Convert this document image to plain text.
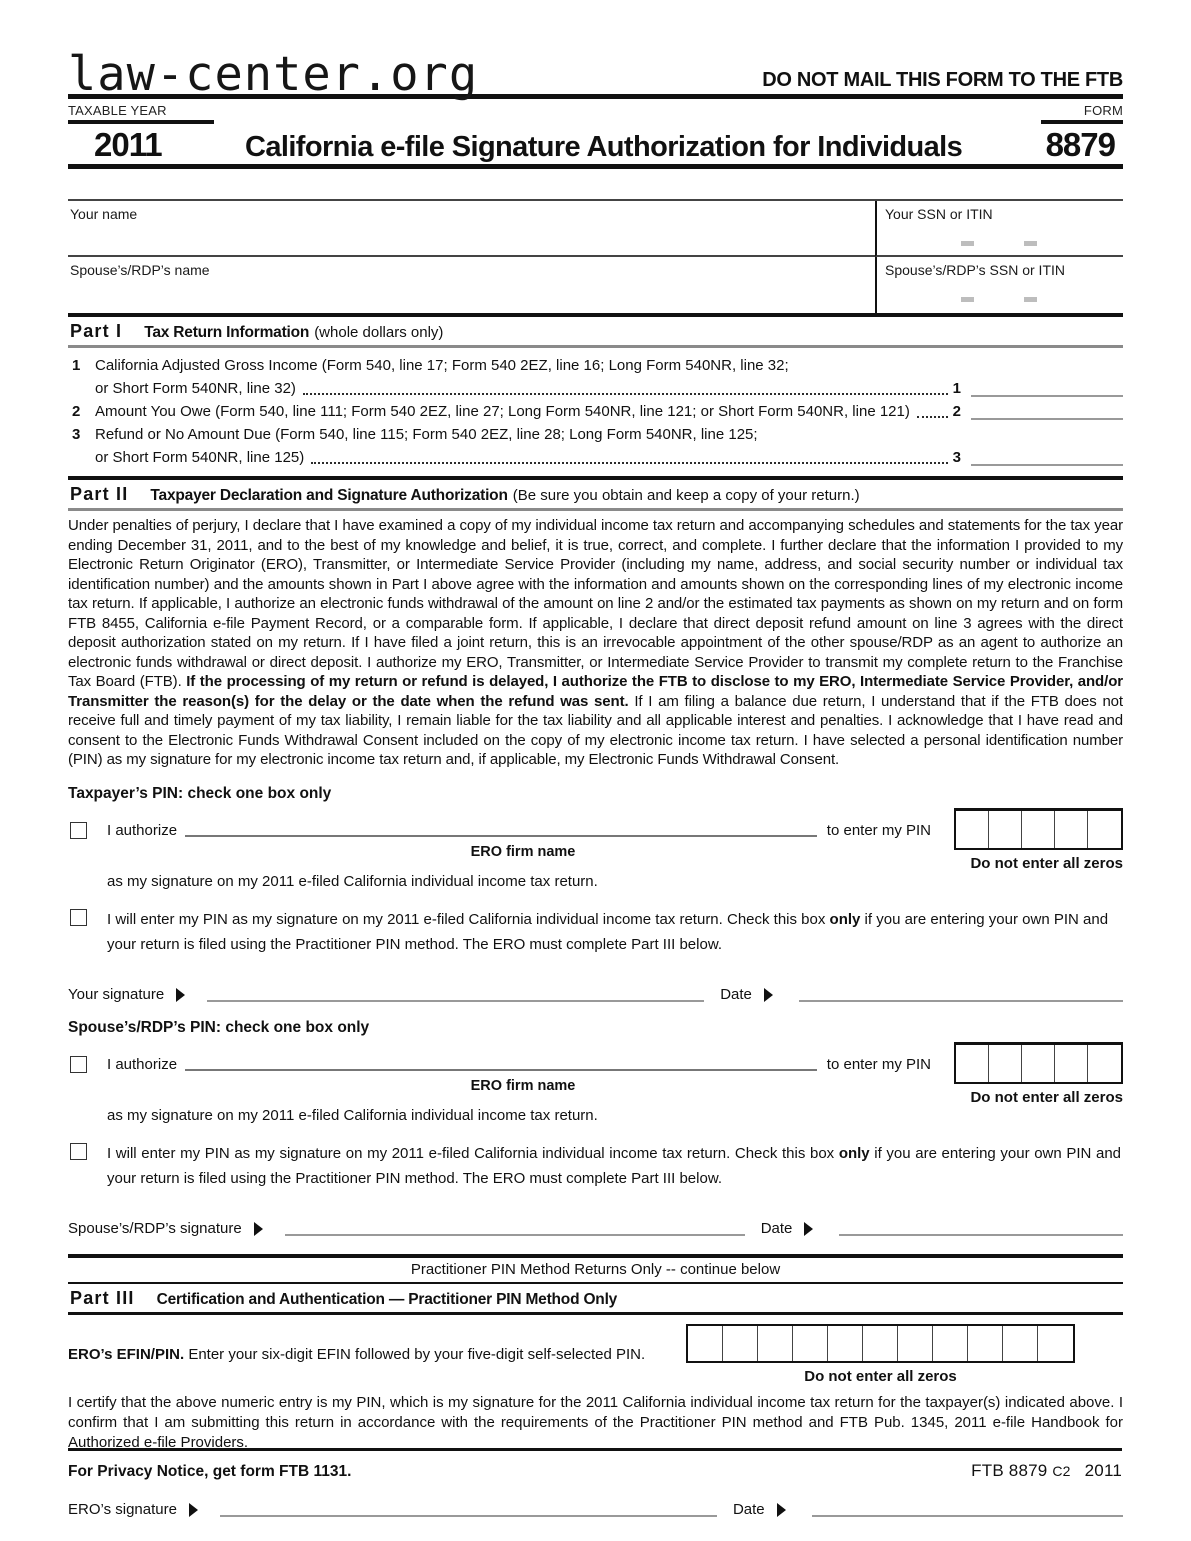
law-center.org	DO NOT MAIL THIS FORM TO THE FTB
TAXABLE YEAR	FORM
2011	California e-file Signature Authorization for Individuals	8879
Your name	Your SSN or ITIN
Spouse’s/RDP’s name	Spouse’s/RDP’s SSN or ITIN
Part I Tax Return Information (whole dollars only)
1 California Adjusted Gross Income (Form 540, line 17; Form 540 2EZ, line 16; Long Form 540NR, line 32;
or Short Form 540NR, line 32)	1
2 Amount You Owe (Form 540, line 111; Form 540 2EZ, line 27; Long Form 540NR, line 121; or Short Form 540NR, line 121)	2
3 Refund or No Amount Due (Form 540, line 115; Form 540 2EZ, line 28; Long Form 540NR, line 125;
or Short Form 540NR, line 125)	3
Part II Taxpayer Declaration and Signature Authorization (Be sure you obtain and keep a copy of your return.)

Under penalties of perjury, I declare that I have examined a copy of my individual income tax return and accompanying schedules and statements for the tax year ending December 31, 2011, and to the best of my knowledge and belief, it is true, correct, and complete. I further declare that the information I provided to my Electronic Return Originator (ERO), Transmitter, or Intermediate Service Provider (including my name, address, and social security number or individual tax identification number) and the amounts shown in Part I above agree with the information and amounts shown on the corresponding lines of my electronic income tax return. If applicable, I authorize an electronic funds withdrawal of the amount on line 2 and/or the estimated tax payments as shown on my return and on form FTB 8455, California e-file Payment Record, or a comparable form. If applicable, I declare that direct deposit refund amount on line 3 agrees with the direct deposit authorization stated on my return. If I have filed a joint return, this is an irrevocable appointment of the other spouse/RDP as an agent to authorize an electronic funds withdrawal or direct deposit. I authorize my ERO, Transmitter, or Intermediate Service Provider to transmit my complete return to the Franchise Tax Board (FTB). If the processing of my return or refund is delayed, I authorize the FTB to disclose to my ERO, Intermediate Service Provider, and/or Transmitter the reason(s) for the delay or the date when the refund was sent. If I am filing a balance due return, I understand that if the FTB does not receive full and timely payment of my tax liability, I remain liable for the tax liability and all applicable interest and penalties. I acknowledge that I have read and consent to the Electronic Funds Withdrawal Consent included on the copy of my electronic income tax return. I have selected a personal identification number (PIN) as my signature for my electronic income tax return and, if applicable, my Electronic Funds Withdrawal Consent.

Taxpayer’s PIN: check one box only
I authorize	to enter my PIN
ERO firm name
as my signature on my 2011 e-filed California individual income tax return.
Do not enter all zeros
I will enter my PIN as my signature on my 2011 e-filed California individual income tax return. Check this box only if you are entering your own PIN and your return is filed using the Practitioner PIN method. The ERO must complete Part III below.
Your signature	Date
Spouse’s/RDP’s PIN: check one box only
I authorize	to enter my PIN
ERO firm name
as my signature on my 2011 e-filed California individual income tax return.
Do not enter all zeros
I will enter my PIN as my signature on my 2011 e-filed California individual income tax return. Check this box only if you are entering your own PIN and your return is filed using the Practitioner PIN method. The ERO must complete Part III below.
Spouse’s/RDP’s signature	Date
Practitioner PIN Method Returns Only -- continue below
Part III Certification and Authentication — Practitioner PIN Method Only
ERO’s EFIN/PIN. Enter your six-digit EFIN followed by your five-digit self-selected PIN.
Do not enter all zeros

I certify that the above numeric entry is my PIN, which is my signature for the 2011 California individual income tax return for the taxpayer(s) indicated above. I confirm that I am submitting this return in accordance with the requirements of the Practitioner PIN method and FTB Pub. 1345, 2011 e-file Handbook for Authorized e-file Providers.

ERO’s signature	Date
For Privacy Notice, get form FTB 1131.	FTB 8879 C2 2011
